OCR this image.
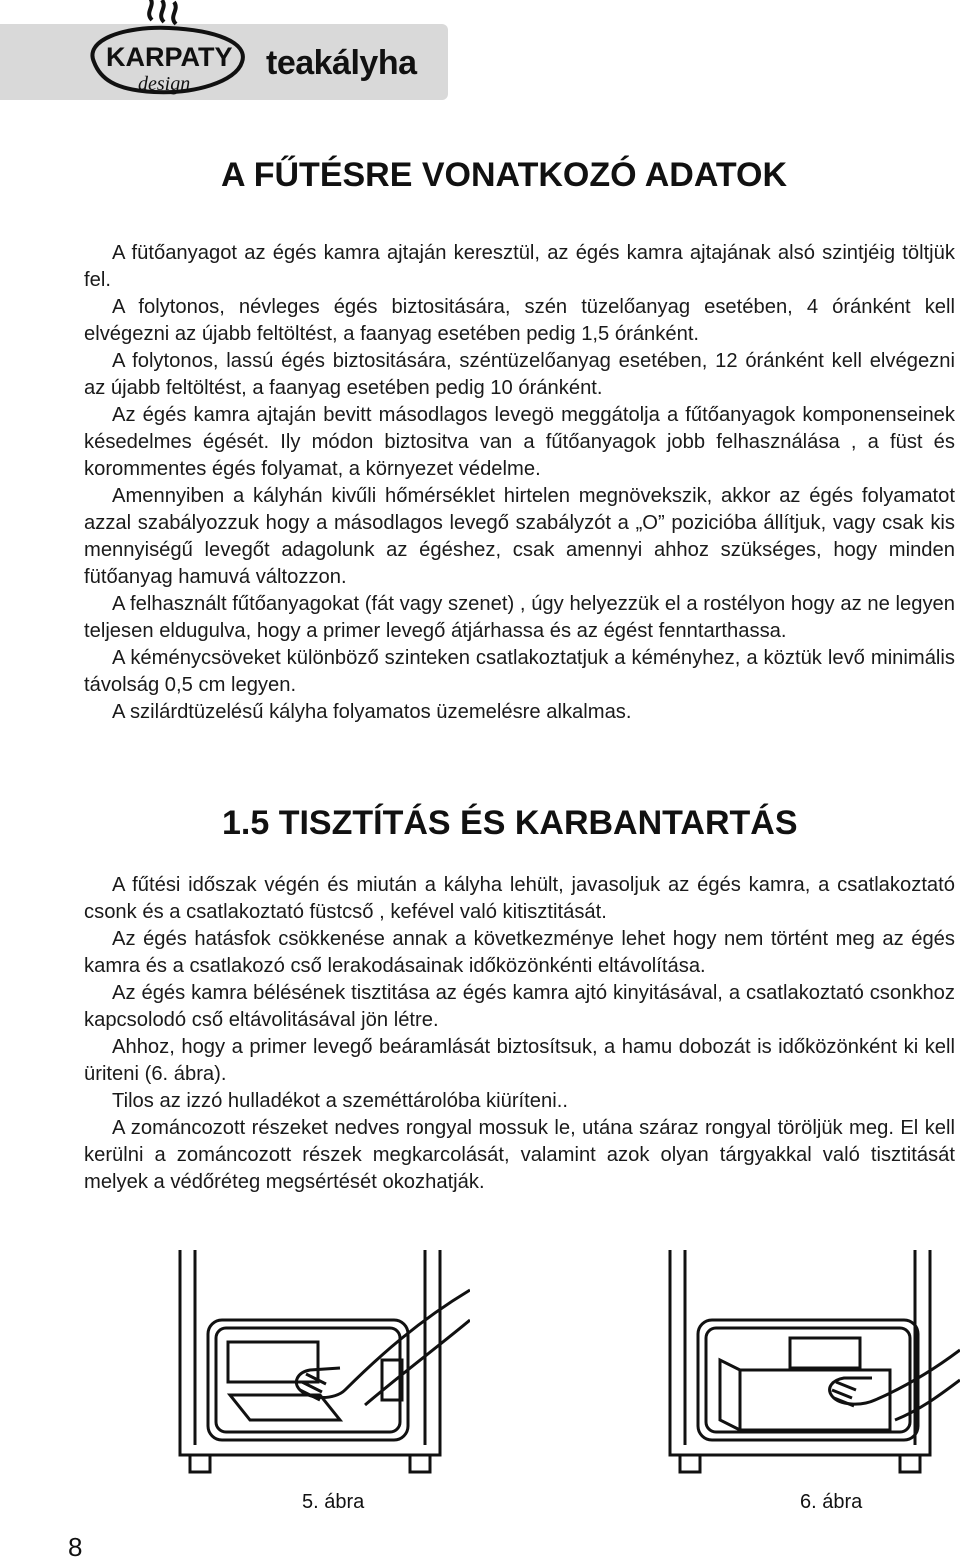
KARPATY
design
teakályha
A FŰTÉSRE VONATKOZÓ ADATOK

A fütőanyagot az égés kamra ajtaján keresztül, az égés kamra ajtajának alsó szintjéig töltjük fel.

A folytonos, névleges égés biztositására, szén tüzelőanyag esetében, 4 óránként kell elvégezni az újabb feltöltést, a faanyag esetében pedig 1,5 óránként.

A folytonos, lassú égés biztositására, széntüzelőanyag esetében, 12 óránként kell elvégezni az újabb feltöltést, a faanyag esetében pedig 10 óránként.

Az égés kamra ajtaján bevitt másodlagos levegö meggátolja a fűtőanyagok komponenseinek késedelmes égését. Ily módon biztositva van a fűtőanyagok jobb felhasználása , a füst és korommentes égés folyamat, a környezet védelme.

Amennyiben a kályhán kivűli hőmérséklet hirtelen megnövekszik, akkor az égés folyamatot azzal szabályozzuk hogy a másodlagos levegő szabályzót a „O” pozicióba állítjuk, vagy csak kis mennyiségű levegőt adagolunk az égéshez, csak amennyi ahhoz szükséges, hogy minden fütőanyag hamuvá változzon.

A felhasznált fűtőanyagokat (fát vagy szenet) , úgy helyezzük el a rostélyon hogy az ne legyen teljesen eldugulva, hogy a primer levegő átjárhassa és az égést fenntarthassa.

A kéménycsöveket különböző szinteken csatlakoztatjuk a kéményhez, a köztük levő minimális távolság 0,5 cm legyen.

A szilárdtüzelésű kályha folyamatos üzemelésre alkalmas.

1.5 TISZTÍTÁS ÉS KARBANTARTÁS

A fűtési időszak végén és miután a kályha lehült, javasoljuk az égés kamra, a csatlakoztató csonk és a csatlakoztató füstcső , kefével való kitisztitását.

Az égés hatásfok csökkenése annak a következménye lehet hogy nem történt meg az égés kamra és a csatlakozó cső lerakodásainak időközönkénti eltávolítása.

Az égés kamra bélésének tisztitása az égés kamra ajtó kinyitásával, a csatlakoztató csonkhoz kapcsolodó cső eltávolitásával jön létre.

Ahhoz, hogy a primer levegő beáramlását biztosítsuk, a hamu dobozát is időközönként ki kell üriteni (6. ábra).

Tilos az izzó hulladékot a szeméttárolóba kiüríteni..

A zománcozott részeket nedves rongyal mossuk le, utána száraz rongyal töröljük meg. El kell kerülni a zománcozott részek megkarcolását, valamint azok olyan tárgyakkal való tisztitását melyek a védőréteg megsértését okozhatják.

5. ábra	6. ábra
8
